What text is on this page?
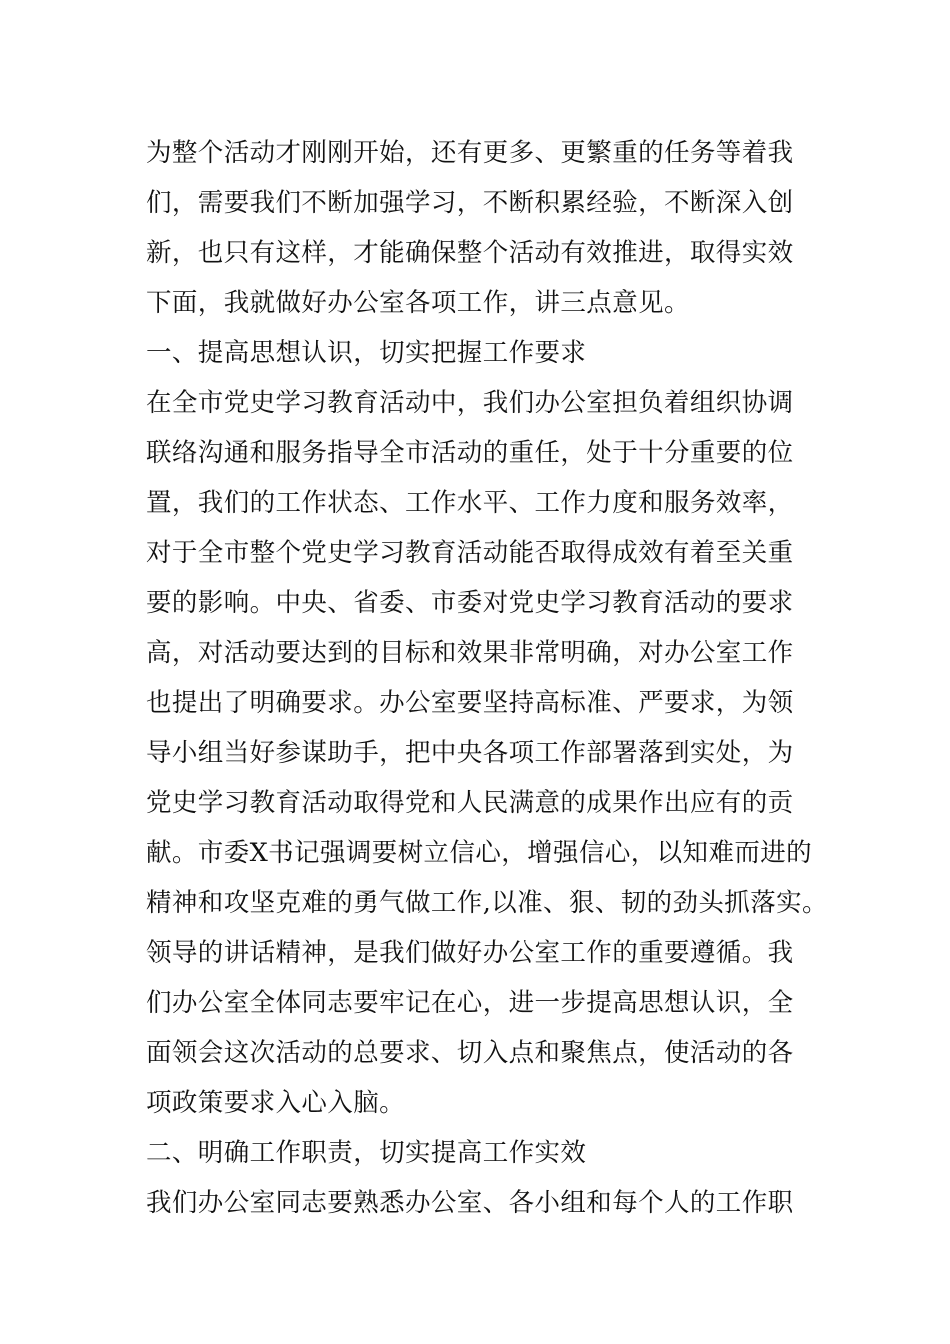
为整个活动才刚刚开始，还有更多、更繁重的任务等着我
们，需要我们不断加强学习，不断积累经验，不断深入创
新，也只有这样，才能确保整个活动有效推进，取得实效
下面，我就做好办公室各项工作，讲三点意见。
一、提高思想认识，切实把握工作要求
在全市党史学习教育活动中，我们办公室担负着组织协调
联络沟通和服务指导全市活动的重任，处于十分重要的位
置，我们的工作状态、工作水平、工作力度和服务效率，
对于全市整个党史学习教育活动能否取得成效有着至关重
要的影响。中央、省委、市委对党史学习教育活动的要求
高，对活动要达到的目标和效果非常明确，对办公室工作
也提出了明确要求。办公室要坚持高标准、严要求，为领
导小组当好参谋助手，把中央各项工作部署落到实处，为
党史学习教育活动取得党和人民满意的成果作出应有的贡
献。市委X书记强调要树立信心，增强信心，以知难而进的
精神和攻坚克难的勇气做工作,以准、狠、韧的劲头抓落实。
领导的讲话精神，是我们做好办公室工作的重要遵循。我
们办公室全体同志要牢记在心，进一步提高思想认识，全
面领会这次活动的总要求、切入点和聚焦点，使活动的各
项政策要求入心入脑。
二、明确工作职责，切实提高工作实效
我们办公室同志要熟悉办公室、各小组和每个人的工作职
